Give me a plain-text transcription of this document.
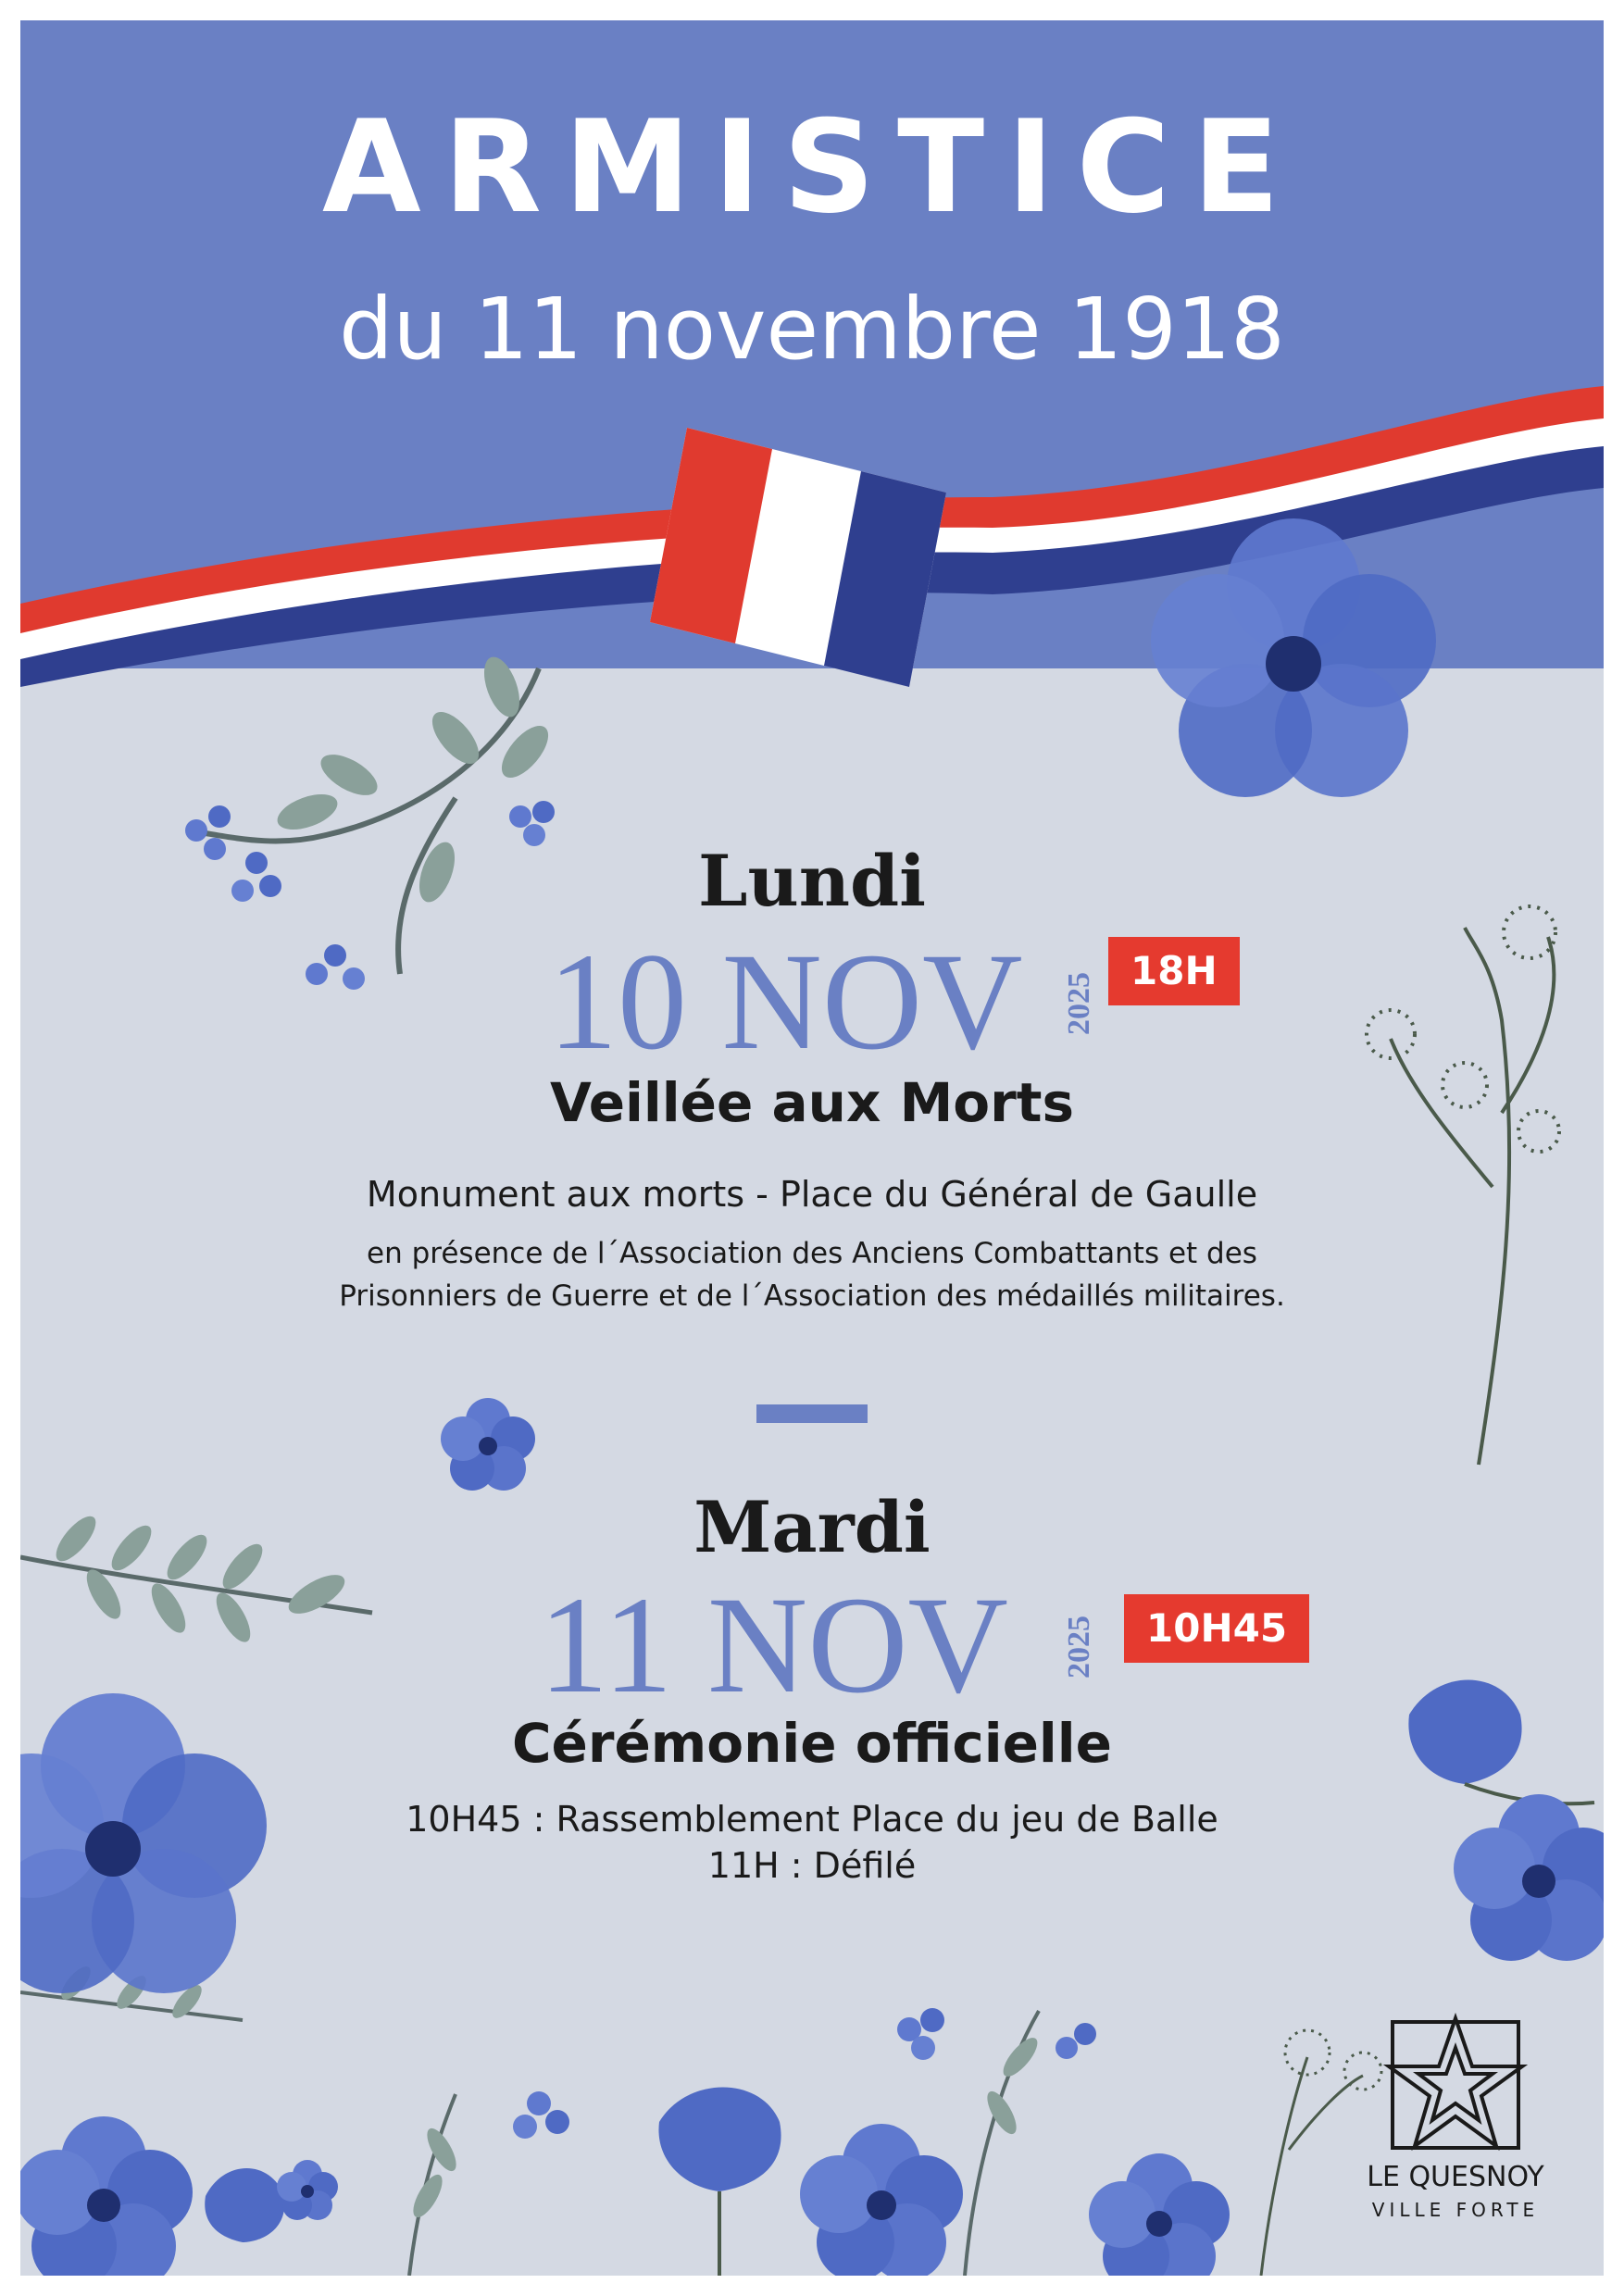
ARMISTICE

du 11 novembre 1918

Lundi
10 NOV 2025
18H
Veillée aux Morts
Monument aux morts - Place du Général de Gaulle
en présence de l´Association des Anciens Combattants et des
Prisonniers de Guerre et de l´Association des médaillés militaires.
Mardi
11 NOV 2025	10H45
Cérémonie officielle
10H45 : Rassemblement Place du jeu de Balle
11H : Défilé

LE QUESNOY

VILLE FORTE
